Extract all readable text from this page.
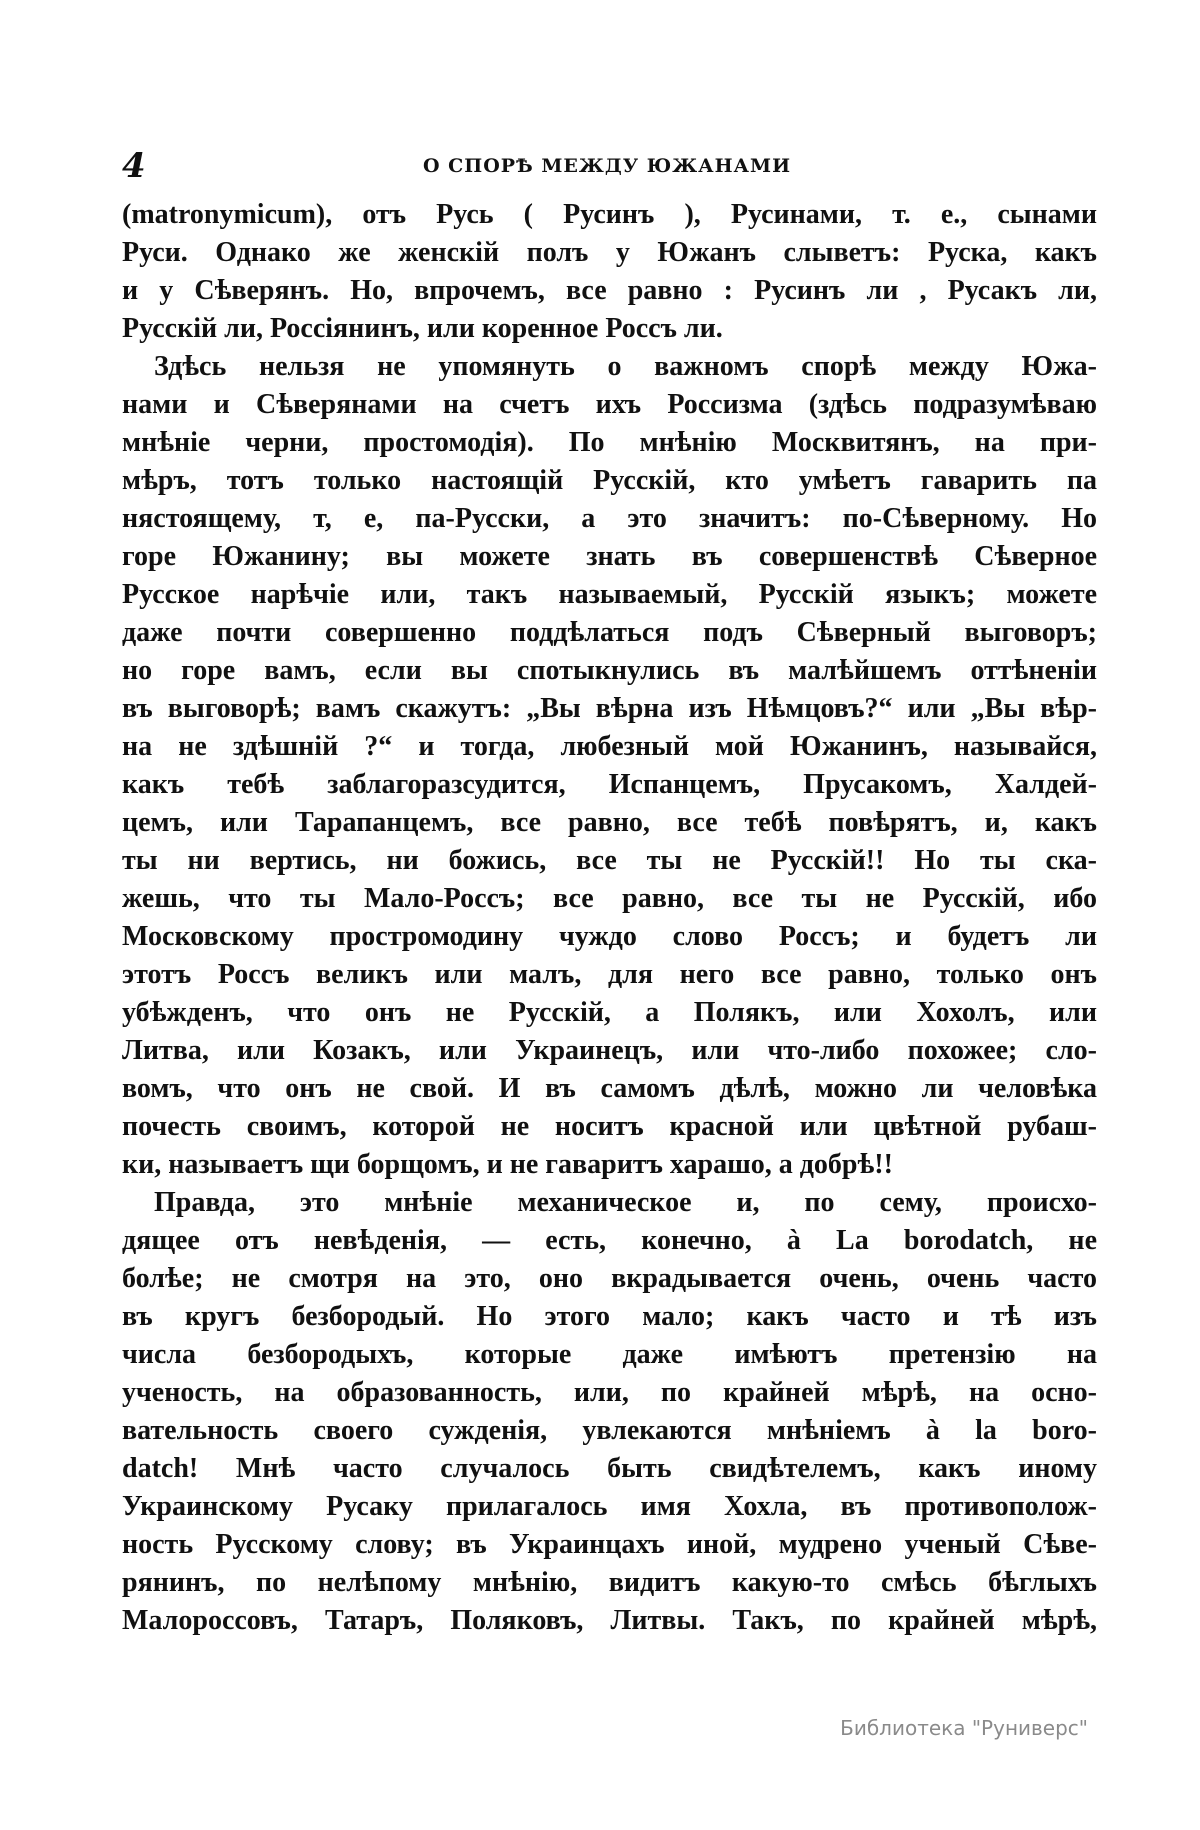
4	О СПОРѢ МЕЖДУ ЮЖАНАМИ
(matronymicum), отъ Русь ( Русинъ ), Русинами, т. е., сынами
Руси. Однако же женскій полъ у Южанъ слыветъ: Руска, какъ
и у Сѣверянъ. Но, впрочемъ, все равно : Русинъ ли , Русакъ ли,
Русскій ли, Россіянинъ, или коренное Россъ ли.
Здѣсь нельзя не упомянуть о важномъ спорѣ между Южа-
нами и Сѣверянами на счетъ ихъ Россизма (здѣсь подразумѣваю
мнѣніе черни, простомодія). По мнѣнію Москвитянъ, на при-
мѣръ, тотъ только настоящій Русскій, кто умѣетъ гаварить па
нястоящему, т, е, па-Русски, а это значитъ: по-Сѣверному. Но
горе Южанину; вы можете знать въ совершенствѣ Сѣверное
Русское нарѣчіе или, такъ называемый, Русскій языкъ; можете
даже почти совершенно поддѣлаться подъ Сѣверный выговоръ;
но горе вамъ, если вы спотыкнулись въ малѣйшемъ оттѣненіи
въ выговорѣ; вамъ скажутъ: „Вы вѣрна изъ Нѣмцовъ?“ или „Вы вѣр-
на не здѣшній ?“ и тогда, любезный мой Южанинъ, называйся,
какъ тебѣ заблагоразсудится, Испанцемъ, Прусакомъ, Халдей-
цемъ, или Тарапанцемъ, все равно, все тебѣ повѣрятъ, и, какъ
ты ни вертись, ни божись, все ты не Русскій!! Но ты ска-
жешь, что ты Мало-Россъ; все равно, все ты не Русскій, ибо
Московскому простромодину чуждо слово Россъ; и будетъ ли
этотъ Россъ великъ или малъ, для него все равно, только онъ
убѣжденъ, что онъ не Русскій, а Полякъ, или Хохолъ, или
Литва, или Козакъ, или Украинецъ, или что-либо похожее; сло-
вомъ, что онъ не свой. И въ самомъ дѣлѣ, можно ли человѣка
почесть своимъ, которой не носитъ красной или цвѣтной рубаш-
ки, называетъ щи борщомъ, и не гаваритъ харашо, а добрѣ!!
Правда, это мнѣніе механическое и, по сему, происхо-
дящее отъ невѣденія, — есть, конечно, à La borodatch, не
болѣе; не смотря на это, оно вкрадывается очень, очень часто
въ кругъ безбородый. Но этого мало; какъ часто и тѣ изъ
числа безбородыхъ, которые даже имѣютъ претензію на
ученость, на образованность, или, по крайней мѣрѣ, на осно-
вательность своего сужденія, увлекаются мнѣніемъ à la boro-
datch! Мнѣ часто случалось быть свидѣтелемъ, какъ иному
Украинскому Русаку прилагалось имя Хохла, въ противополож-
ность Русскому слову; въ Украинцахъ иной, мудрено ученый Сѣве-
рянинъ, по нелѣпому мнѣнію, видитъ какую-то смѣсь бѣглыхъ
Малороссовъ, Татаръ, Поляковъ, Литвы. Такъ, по крайней мѣрѣ,
Библиотека "Руниверс"
